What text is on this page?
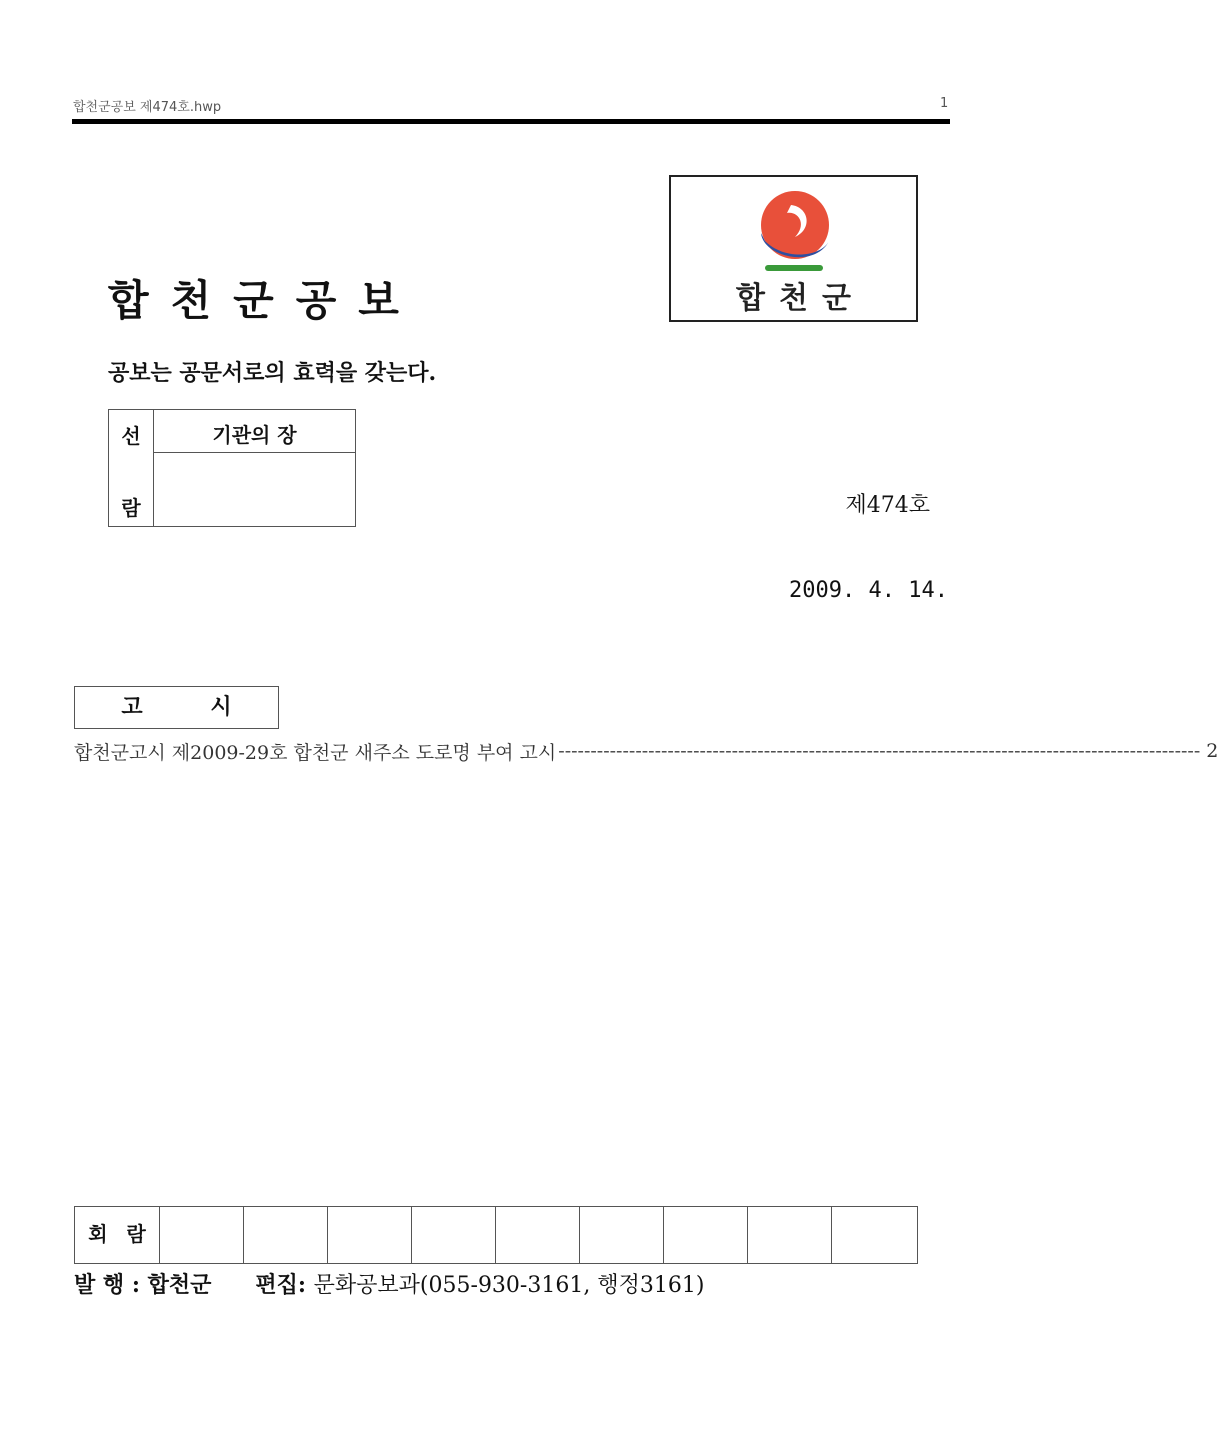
합천군공보 제474호.hwp	1
합천군공보	합천군
공보는 공문서로의 효력을 갖는다.
선
람
기관의 장
제474호
2009. 4. 14.
고 시
합천군고시 제2009-29호 합천군 새주소 도로명 부여 고시 ---------------------------------------------------------------------------------------------------- 2
회 람
발 행 : 합천군 편집: 문화공보과(055-930-3161, 행정3161)
